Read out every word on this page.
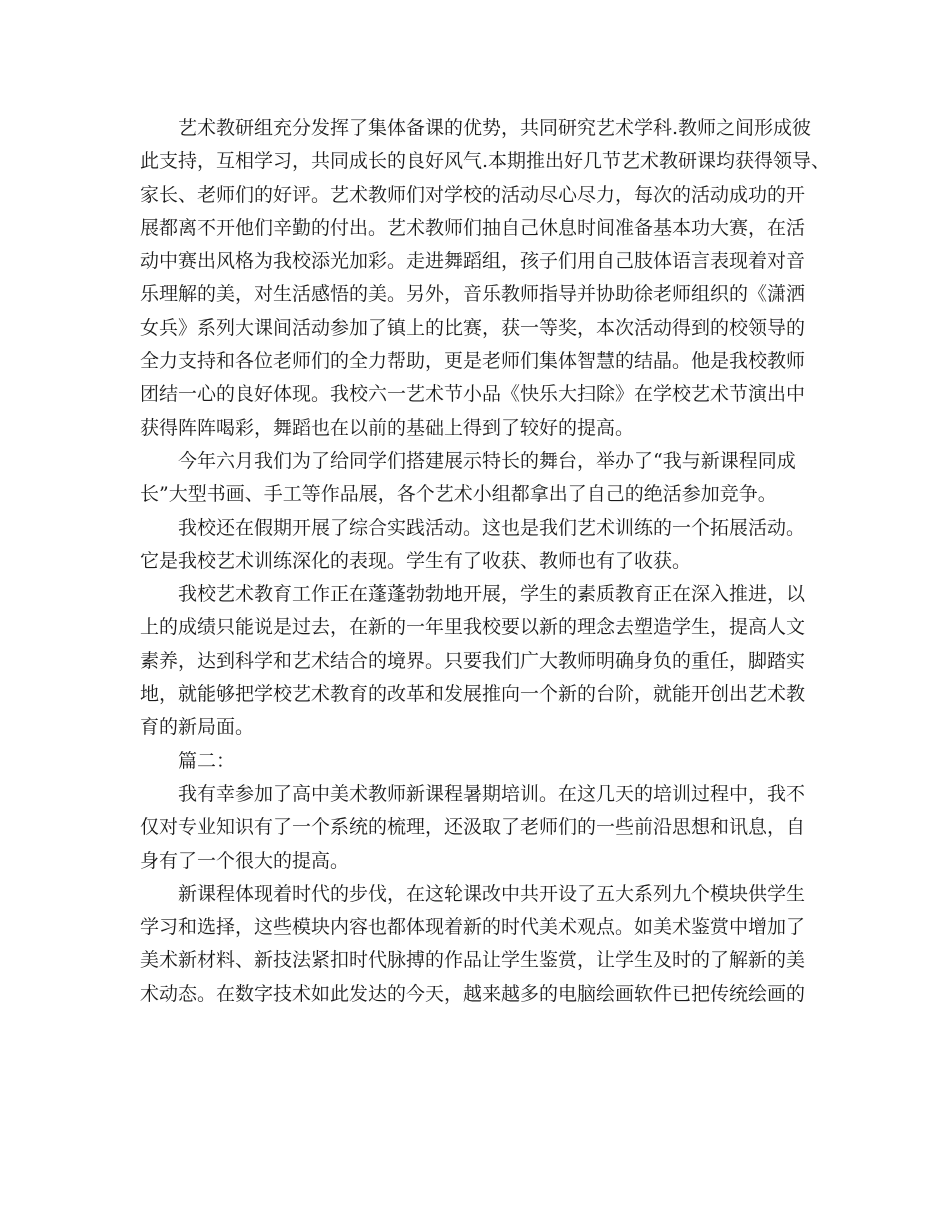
艺术教研组充分发挥了集体备课的优势，共同研究艺术学科.教师之间形成彼
此支持，互相学习，共同成长的良好风气.本期推出好几节艺术教研课均获得领导、
家长、老师们的好评。艺术教师们对学校的活动尽心尽力，每次的活动成功的开
展都离不开他们辛勤的付出。艺术教师们抽自己休息时间准备基本功大赛，在活
动中赛出风格为我校添光加彩。走进舞蹈组，孩子们用自己肢体语言表现着对音
乐理解的美，对生活感悟的美。另外，音乐教师指导并协助徐老师组织的《潇洒
女兵》系列大课间活动参加了镇上的比赛，获一等奖，本次活动得到的校领导的
全力支持和各位老师们的全力帮助，更是老师们集体智慧的结晶。他是我校教师
团结一心的良好体现。我校六一艺术节小品《快乐大扫除》在学校艺术节演出中
获得阵阵喝彩，舞蹈也在以前的基础上得到了较好的提高。
今年六月我们为了给同学们搭建展示特长的舞台，举办了“我与新课程同成
长”大型书画、手工等作品展，各个艺术小组都拿出了自己的绝活参加竞争。
我校还在假期开展了综合实践活动。这也是我们艺术训练的一个拓展活动。
它是我校艺术训练深化的表现。学生有了收获、教师也有了收获。
我校艺术教育工作正在蓬蓬勃勃地开展，学生的素质教育正在深入推进，以
上的成绩只能说是过去，在新的一年里我校要以新的理念去塑造学生，提高人文
素养，达到科学和艺术结合的境界。只要我们广大教师明确身负的重任，脚踏实
地，就能够把学校艺术教育的改革和发展推向一个新的台阶，就能开创出艺术教
育的新局面。
篇二：
我有幸参加了高中美术教师新课程暑期培训。在这几天的培训过程中，我不
仅对专业知识有了一个系统的梳理，还汲取了老师们的一些前沿思想和讯息，自
身有了一个很大的提高。
新课程体现着时代的步伐，在这轮课改中共开设了五大系列九个模块供学生
学习和选择，这些模块内容也都体现着新的时代美术观点。如美术鉴赏中增加了
美术新材料、新技法紧扣时代脉搏的作品让学生鉴赏，让学生及时的了解新的美
术动态。在数字技术如此发达的今天，越来越多的电脑绘画软件已把传统绘画的
